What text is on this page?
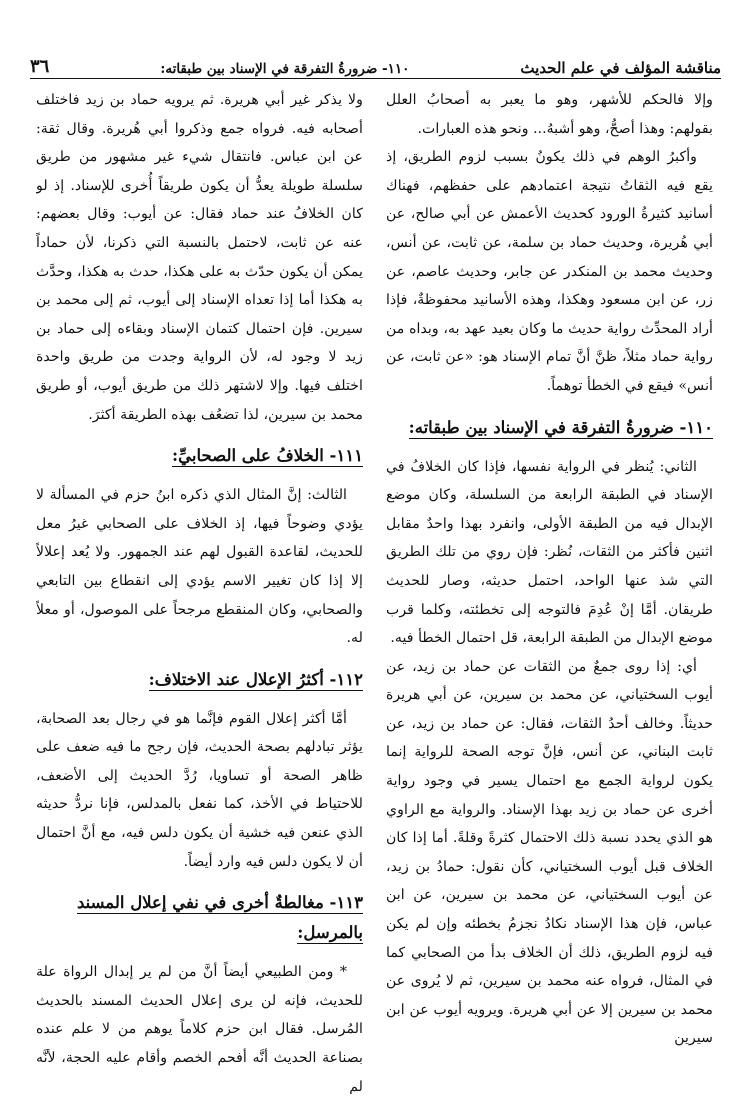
مناقشة المؤلف في علم الحديث
١١٠- ضرورةُ التفرقة في الإسناد بين طبقاته:
٣٦

وإلا فالحكم للأشهر، وهو ما يعبر به أصحابُ العلل بقولهم: وهذا أصحُّ، وهو أشبهُ... ونحو هذه العبارات.

وأكبرُ الوهم في ذلك يكونُ بسبب لزوم الطريق، إذ يقع فيه الثقاتُ نتيجة اعتمادهم على حفظهم، فهناك أسانيد كثيرةُ الورود كحديث الأعمش عن أبي صالح، عن أبي هُريرة، وحديث حماد بن سلمة، عن ثابت، عن أنس، وحديث محمد بن المنكدر عن جابر، وحديث عاصم، عن زر، عن ابن مسعود وهكذا، وهذه الأسانيد محفوظةٌ، فإذا أراد المحدِّث رواية حديث ما وكان بعيد عهد به، وبداه من رواية حماد مثلاً، ظنَّ أنَّ تمام الإسناد هو: «عن ثابت، عن أنس» فيقع في الخطأ توهماً.

١١٠- ضرورةُ التفرقة في الإسناد بين طبقاته:

الثاني: يُنظر في الرواية نفسها، فإذا كان الخلافُ في الإسناد في الطبقة الرابعة من السلسلة، وكان موضع الإبدال فيه من الطبقة الأولى، وانفرد بهذا واحدٌ مقابل اثنين فأكثر من الثقات، نُظر: فإن روي من تلك الطريق التي شذ عنها الواحد، احتمل حديثه، وصار للحديث طريقان. أمَّا إنْ عُدِمَ فالتوجه إلى تخطئته، وكلما قرب موضع الإبدال من الطبقة الرابعة، قل احتمال الخطأ فيه.

أي: إذا روى جمعٌ من الثقات عن حماد بن زيد، عن أيوب السختياني، عن محمد بن سيرين، عن أبي هريرة حديثاً. وخالف أحدُ الثقات، فقال: عن حماد بن زيد، عن ثابت البناني، عن أنس، فإنَّ توجه الصحة للرواية إنما يكون لرواية الجمع مع احتمال يسير في وجود رواية أخرى عن حماد بن زيد بهذا الإسناد. والرواية مع الراوي هو الذي يحدد نسبة ذلك الاحتمال كثرةً وقلةً. أما إذا كان الخلاف قبل أيوب السختياني، كأن نقول: حمادُ بن زيد، عن أيوب السختياني، عن محمد بن سيرين، عن ابن عباس، فإن هذا الإسناد نكادُ نجزمُ بخطئه وإن لم يكن فيه لزوم الطريق، ذلك أن الخلاف بدأ من الصحابي كما في المثال، فرواه عنه محمد بن سيرين، ثم لا يُروى عن محمد بن سيرين إلا عن أبي هريرة. ويرويه أيوب عن ابن سيرين

ولا يذكر غير أبي هريرة. ثم يرويه حماد بن زيد فاختلف أصحابه فيه. فرواه جمع وذكروا أبي هُريرة. وقال ثقة: عن ابن عباس. فانتقال شيء غير مشهور من طريق سلسلة طويلة يعدُّ أن يكون طريقاً أُخرى للإسناد. إذ لو كان الخلافُ عند حماد فقال: عن أيوب: وقال بعضهم: عنه عن ثابت، لاحتمل بالنسبة التي ذكرنا، لأن حماداً يمكن أن يكون حدّث به على هكذا، حدث به هكذا، وحدَّث به هكذا أما إذا تعداه الإسناد إلى أيوب، ثم إلى محمد بن سيرين. فإن احتمال كتمان الإسناد وبقاءه إلى حماد بن زيد لا وجود له، لأن الرواية وجدت من طريق واحدة اختلف فيها. وإلا لاشتهر ذلك من طريق أيوب، أو طريق محمد بن سيرين، لذا تضعُف بهذه الطريقة أكثرَ.

١١١- الخلافُ على الصحابيِّ:

الثالث: إنَّ المثال الذي ذكره ابنُ حزم في المسألة لا يؤدي وضوحاً فيها، إذ الخلاف على الصحابي غيرُ معل للحديث، لقاعدة القبول لهم عند الجمهور. ولا يُعد إعلالاً إلا إذا كان تغيير الاسم يؤدي إلى انقطاع بين التابعي والصحابي، وكان المنقطع مرجحاً على الموصول، أو معلاً له.

١١٢- أكثرُ الإعلال عند الاختلاف:

أمَّا أكثر إعلال القوم فإنَّما هو في رجال بعد الصحابة، يؤثر تبادلهم بصحة الحديث، فإن رجح ما فيه ضعف على ظاهر الصحة أو تساويا، رُدَّ الحديث إلى الأضعف، للاحتياط في الأخذ، كما نفعل بالمدلس، فإنا نردُّ حديثه الذي عنعن فيه خشية أن يكون دلس فيه، مع أنَّ احتمال أن لا يكون دلس فيه وارد أيضاً.

١١٣- مغالطةٌ أخرى في نفي إعلال المسند بالمرسل:

* ومن الطبيعي أيضاً أنَّ من لم ير إبدال الرواة علة للحديث، فإنه لن يرى إعلال الحديث المسند بالحديث المُرسل. فقال ابن حزم كلاماً يوهم من لا علم عنده بصناعة الحديث أنَّه أفحم الخصم وأقام عليه الحجة، لأنَّه لم
